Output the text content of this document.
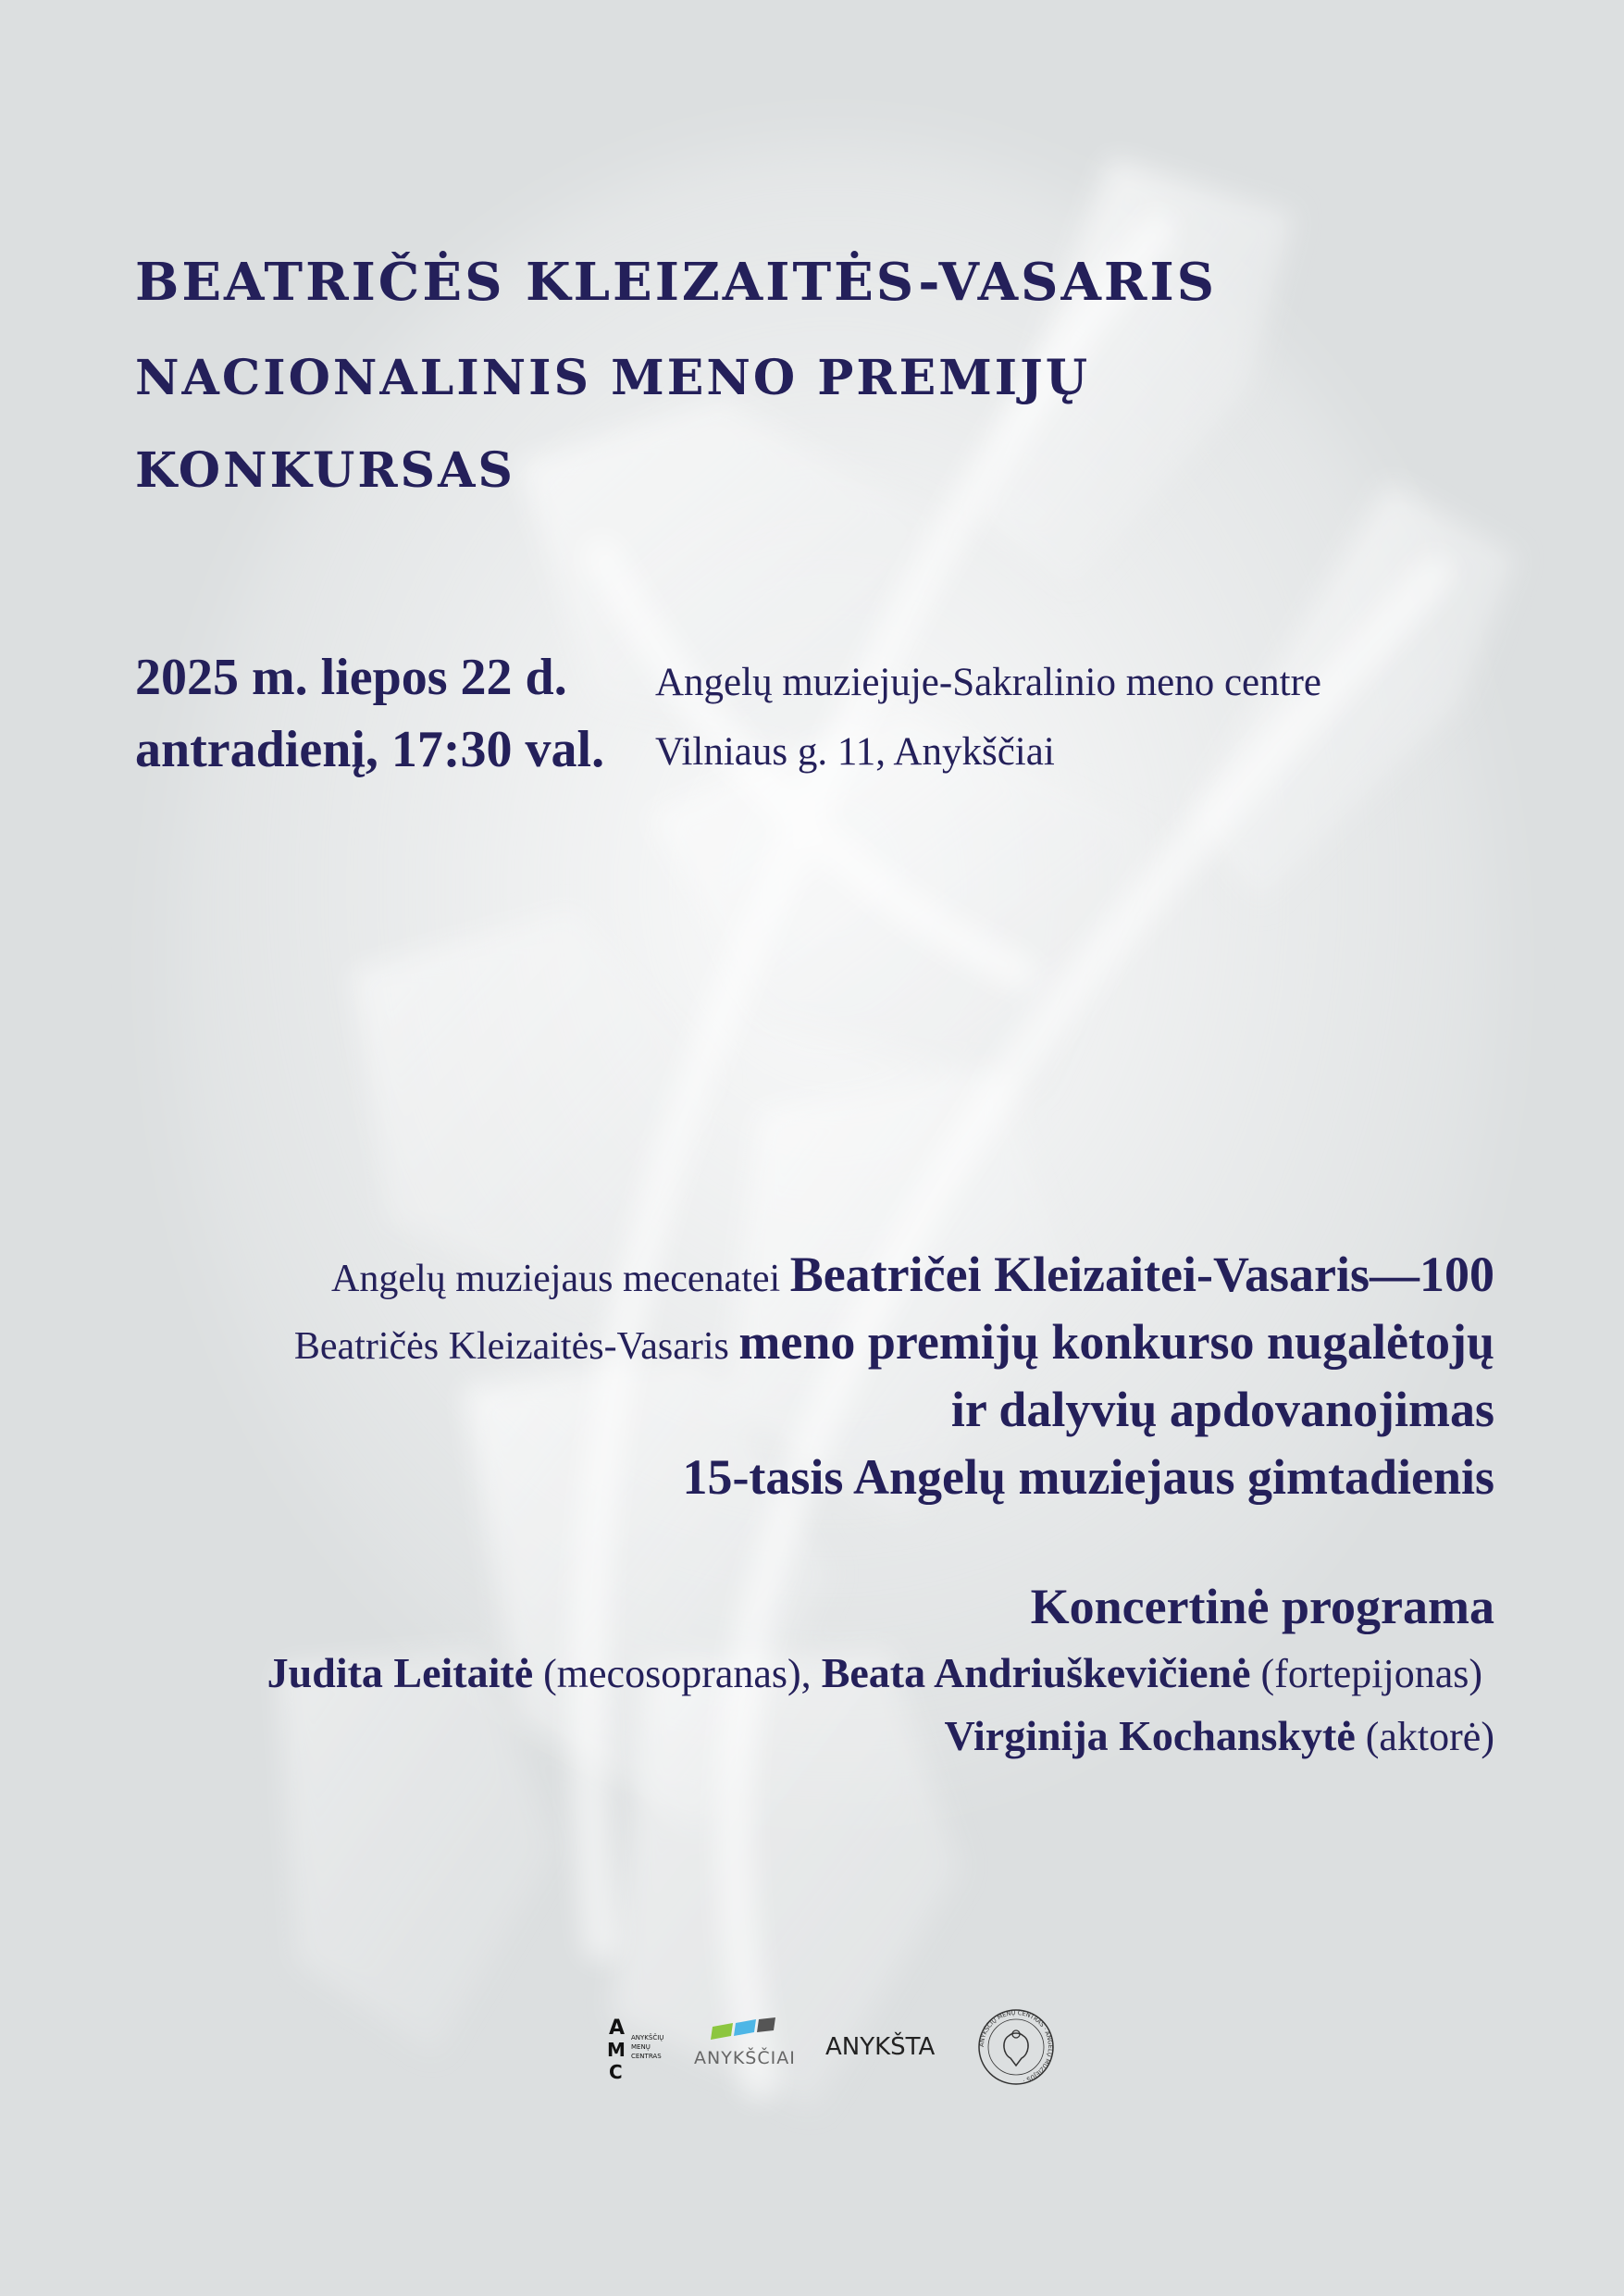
BEATRIČĖS KLEIZAITĖS-VASARIS
NACIONALINIS MENO PREMIJŲ
KONKURSAS
2025 m. liepos 22 d.
antradienį, 17:30 val.
Angelų muziejuje-Sakralinio meno centre
Vilniaus g. 11, Anykščiai
Angelų muziejaus mecenatei Beatričei Kleizaitei-Vasaris—100
Beatričės Kleizaitės-Vasaris meno premijų konkurso nugalėtojų
ir dalyvių apdovanojimas
15-tasis Angelų muziejaus gimtadienis
Koncertinė programa
Judita Leitaitė (mecosopranas), Beata Andriuškevičienė (fortepijonas)
Virginija Kochanskytė (aktorė)
A
M
C
ANYKŠČIŲ
MENŲ
CENTRAS ANYKŠČIAI ANYKŠTA	ANYKŠČIŲ MENŲ CENTRAS · ANGELŲ MUZIEJUS ·
